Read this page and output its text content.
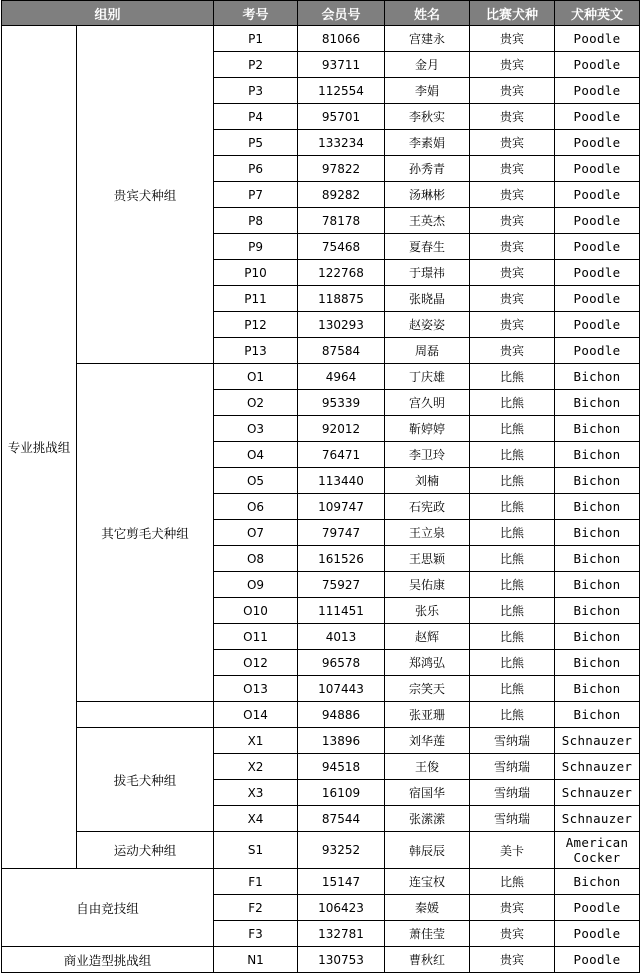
组别		考号	会员号	姓名	比赛犬种	犬种英文
专业挑战组	贵宾犬种组	P1	81066	宫建永	贵宾	Poodle
		P2	93711	金月	贵宾	Poodle
		P3	112554	李娟	贵宾	Poodle
		P4	95701	李秋实	贵宾	Poodle
		P5	133234	李素娟	贵宾	Poodle
		P6	97822	孙秀青	贵宾	Poodle
		P7	89282	汤琳彬	贵宾	Poodle
		P8	78178	王英杰	贵宾	Poodle
		P9	75468	夏春生	贵宾	Poodle
		P10	122768	于璟祎	贵宾	Poodle
		P11	118875	张晓晶	贵宾	Poodle
		P12	130293	赵姿姿	贵宾	Poodle
		P13	87584	周磊	贵宾	Poodle
	其它剪毛犬种组	O1	4964	丁庆雄	比熊	Bichon
		O2	95339	宫久明	比熊	Bichon
		O3	92012	靳婷婷	比熊	Bichon
		O4	76471	李卫玲	比熊	Bichon
		O5	113440	刘楠	比熊	Bichon
		O6	109747	石宪政	比熊	Bichon
		O7	79747	王立泉	比熊	Bichon
		O8	161526	王思颖	比熊	Bichon
		O9	75927	吴佑康	比熊	Bichon
		O10	111451	张乐	比熊	Bichon
		O11	4013	赵辉	比熊	Bichon
		O12	96578	郑鸿弘	比熊	Bichon
		O13	107443	宗笑天	比熊	Bichon
		O14	94886	张亚珊	比熊	Bichon
	拔毛犬种组	X1	13896	刘华莲	雪纳瑞	Schnauzer
		X2	94518	王俊	雪纳瑞	Schnauzer
		X3	16109	宿国华	雪纳瑞	Schnauzer
		X4	87544	张潆潆	雪纳瑞	Schnauzer
	运动犬种组	S1	93252	韩辰辰	美卡	American Cocker
自由竞技组		F1	15147	连宝权	比熊	Bichon
		F2	106423	秦媛	贵宾	Poodle
		F3	132781	萧佳莹	贵宾	Poodle
商业造型挑战组		N1	130753	曹秋红	贵宾	Poodle
